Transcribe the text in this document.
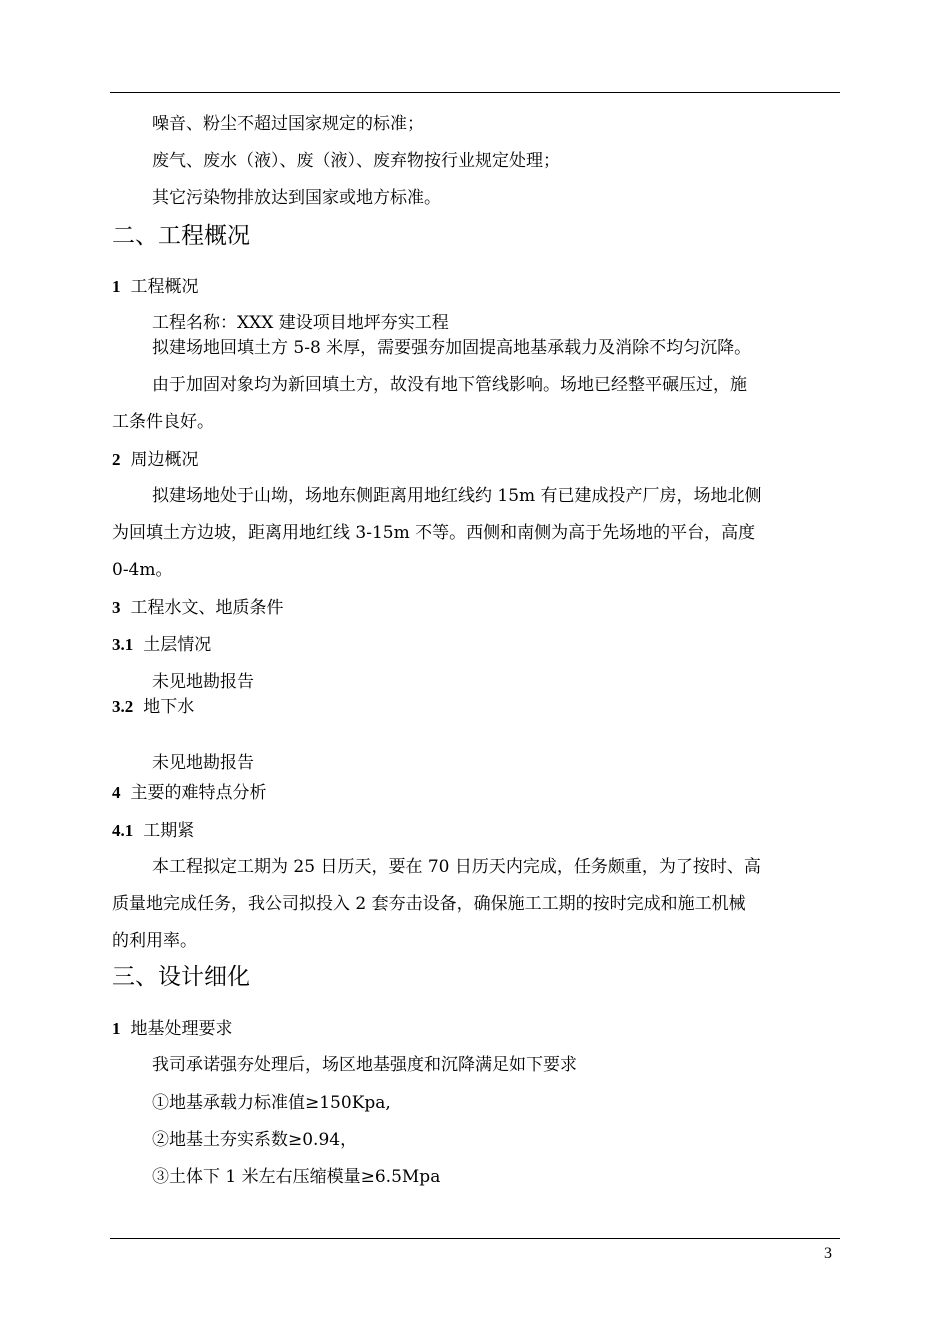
噪音、粉尘不超过国家规定的标准；
废气、废水（液）、废（液）、废弃物按行业规定处理；
其它污染物排放达到国家或地方标准。
二、工程概况
1 工程概况
工程名称：XXX 建设项目地坪夯实工程
拟建场地回填土方 5-8 米厚，需要强夯加固提高地基承载力及消除不均匀沉降。
由于加固对象均为新回填土方，故没有地下管线影响。场地已经整平碾压过，施
工条件良好。
2 周边概况
拟建场地处于山坳，场地东侧距离用地红线约 15m 有已建成投产厂房，场地北侧
为回填土方边坡，距离用地红线 3-15m 不等。西侧和南侧为高于先场地的平台，高度
0-4m。
3 工程水文、地质条件
3.1 土层情况
未见地勘报告
3.2 地下水
未见地勘报告
4 主要的难特点分析
4.1 工期紧
本工程拟定工期为 25 日历天，要在 70 日历天内完成，任务颇重，为了按时、高
质量地完成任务，我公司拟投入 2 套夯击设备，确保施工工期的按时完成和施工机械
的利用率。
三、设计细化
1 地基处理要求
我司承诺强夯处理后，场区地基强度和沉降满足如下要求
①地基承载力标准值≥150Kpa,
②地基土夯实系数≥0.94，
③土体下 1 米左右压缩模量≥6.5Mpa
3
